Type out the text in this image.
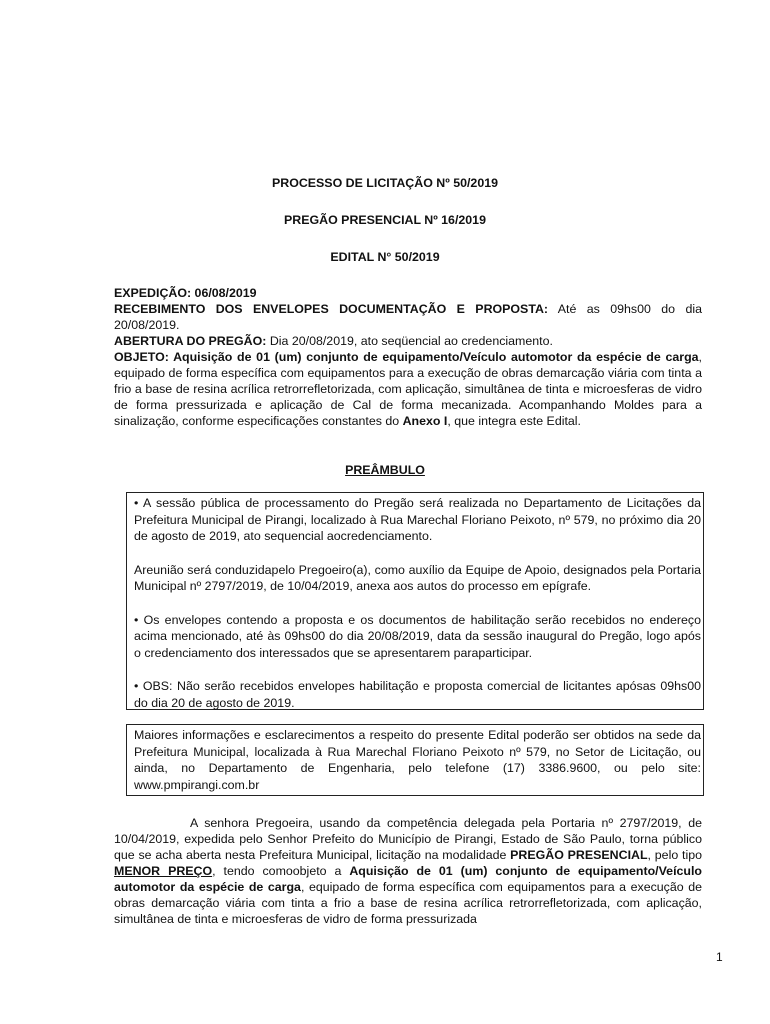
PROCESSO DE LICITAÇÃO Nº 50/2019
PREGÃO PRESENCIAL Nº 16/2019
EDITAL N° 50/2019
EXPEDIÇÃO: 06/08/2019
RECEBIMENTO DOS ENVELOPES DOCUMENTAÇÃO E PROPOSTA: Até as 09hs00 do dia
20/08/2019.
ABERTURA DO PREGÃO: Dia 20/08/2019, ato seqüencial ao credenciamento.
OBJETO: Aquisição de 01 (um) conjunto de equipamento/Veículo automotor da espécie de carga, equipado de forma específica com equipamentos para a execução de obras demarcação viária com tinta a frio a base de resina acrílica retrorrefletorizada, com aplicação, simultânea de tinta e microesferas de vidro de forma pressurizada e aplicação de Cal de forma mecanizada. Acompanhando Moldes para a sinalização, conforme especificações constantes do Anexo I, que integra este Edital.
PREÂMBULO

• A sessão pública de processamento do Pregão será realizada no Departamento de Licitações da Prefeitura Municipal de Pirangi, localizado à Rua Marechal Floriano Peixoto, nº 579, no próximo dia 20 de agosto de 2019, ato sequencial aocredenciamento.

Areunião será conduzidapelo Pregoeiro(a), como auxílio da Equipe de Apoio, designados pela Portaria Municipal nº 2797/2019, de 10/04/2019, anexa aos autos do processo em epígrafe.

• Os envelopes contendo a proposta e os documentos de habilitação serão recebidos no endereço acima mencionado, até às 09hs00 do dia 20/08/2019, data da sessão inaugural do Pregão, logo após o credenciamento dos interessados que se apresentarem paraparticipar.

• OBS: Não serão recebidos envelopes habilitação e proposta comercial de licitantes apósas 09hs00 do dia 20 de agosto de 2019.

Maiores informações e esclarecimentos a respeito do presente Edital poderão ser obtidos na sede da Prefeitura Municipal, localizada à Rua Marechal Floriano Peixoto nº 579, no Setor de Licitação, ou ainda, no Departamento de Engenharia, pelo telefone (17) 3386.9600, ou pelo site: www.pmpirangi.com.br

A senhora Pregoeira, usando da competência delegada pela Portaria nº 2797/2019, de 10/04/2019, expedida pelo Senhor Prefeito do Município de Pirangi, Estado de São Paulo, torna público que se acha aberta nesta Prefeitura Municipal, licitação na modalidade PREGÃO PRESENCIAL, pelo tipo MENOR PREÇO, tendo comoobjeto a Aquisição de 01 (um) conjunto de equipamento/Veículo automotor da espécie de carga, equipado de forma específica com equipamentos para a execução de obras demarcação viária com tinta a frio a base de resina acrílica retrorrefletorizada, com aplicação, simultânea de tinta e microesferas de vidro de forma pressurizada
1
